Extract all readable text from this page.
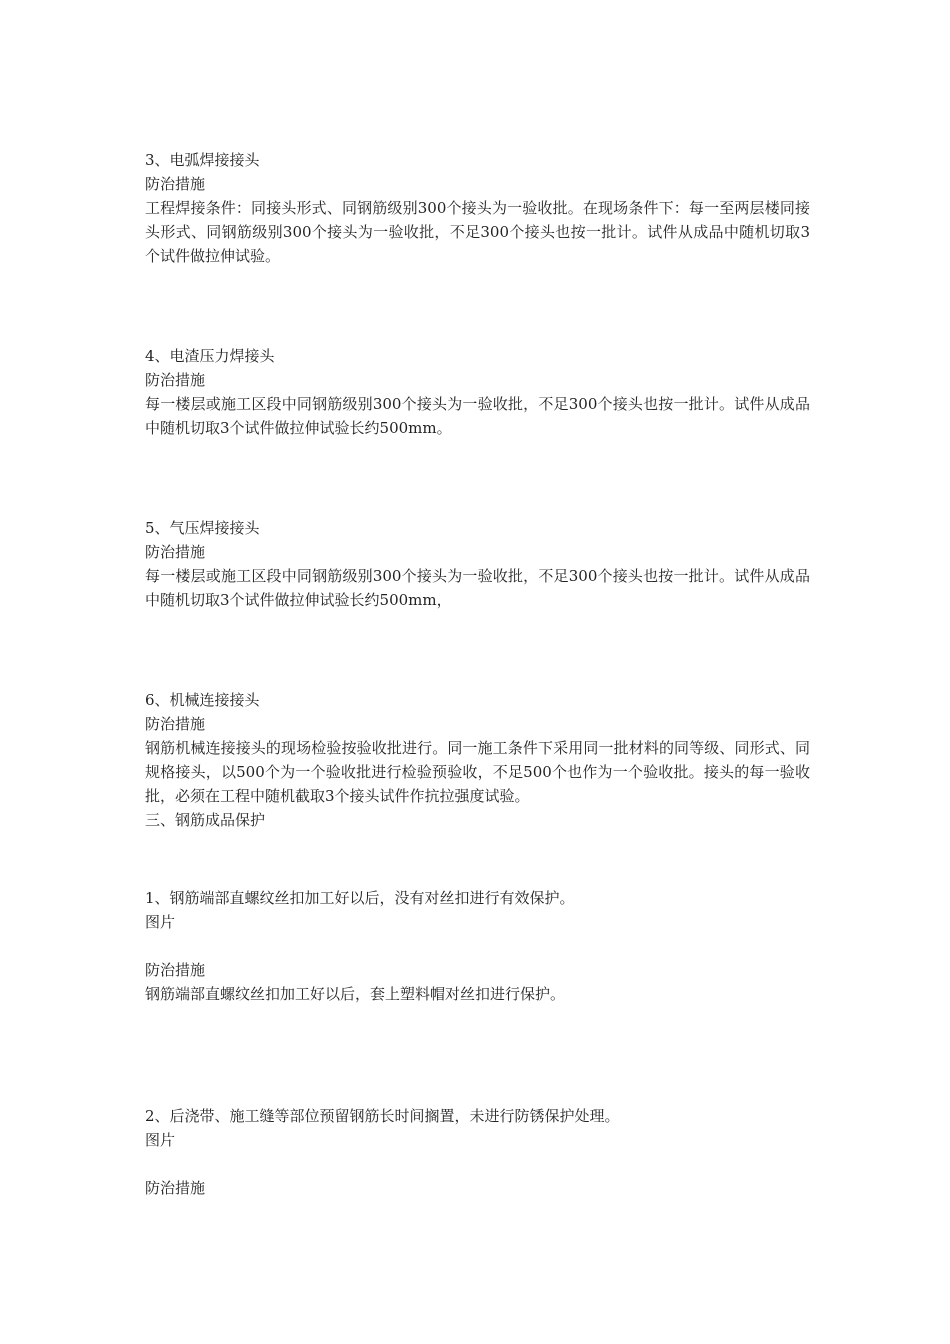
3、电弧焊接接头

防治措施

工程焊接条件：同接头形式、同钢筋级别300个接头为一验收批。在现场条件下：每一至两层楼同接头形式、同钢筋级别300个接头为一验收批，不足300个接头也按一批计。试件从成品中随机切取3个试件做拉伸试验。

4、电渣压力焊接头

防治措施

每一楼层或施工区段中同钢筋级别300个接头为一验收批，不足300个接头也按一批计。试件从成品中随机切取3个试件做拉伸试验长约500mm。

5、气压焊接接头

防治措施

每一楼层或施工区段中同钢筋级别300个接头为一验收批，不足300个接头也按一批计。试件从成品中随机切取3个试件做拉伸试验长约500mm，

6、机械连接接头

防治措施

钢筋机械连接接头的现场检验按验收批进行。同一施工条件下采用同一批材料的同等级、同形式、同规格接头，以500个为一个验收批进行检验预验收，不足500个也作为一个验收批。接头的每一验收批，必须在工程中随机截取3个接头试件作抗拉强度试验。

三、钢筋成品保护

1、钢筋端部直螺纹丝扣加工好以后，没有对丝扣进行有效保护。

图片

防治措施

钢筋端部直螺纹丝扣加工好以后，套上塑料帽对丝扣进行保护。

2、后浇带、施工缝等部位预留钢筋长时间搁置，未进行防锈保护处理。

图片

防治措施
